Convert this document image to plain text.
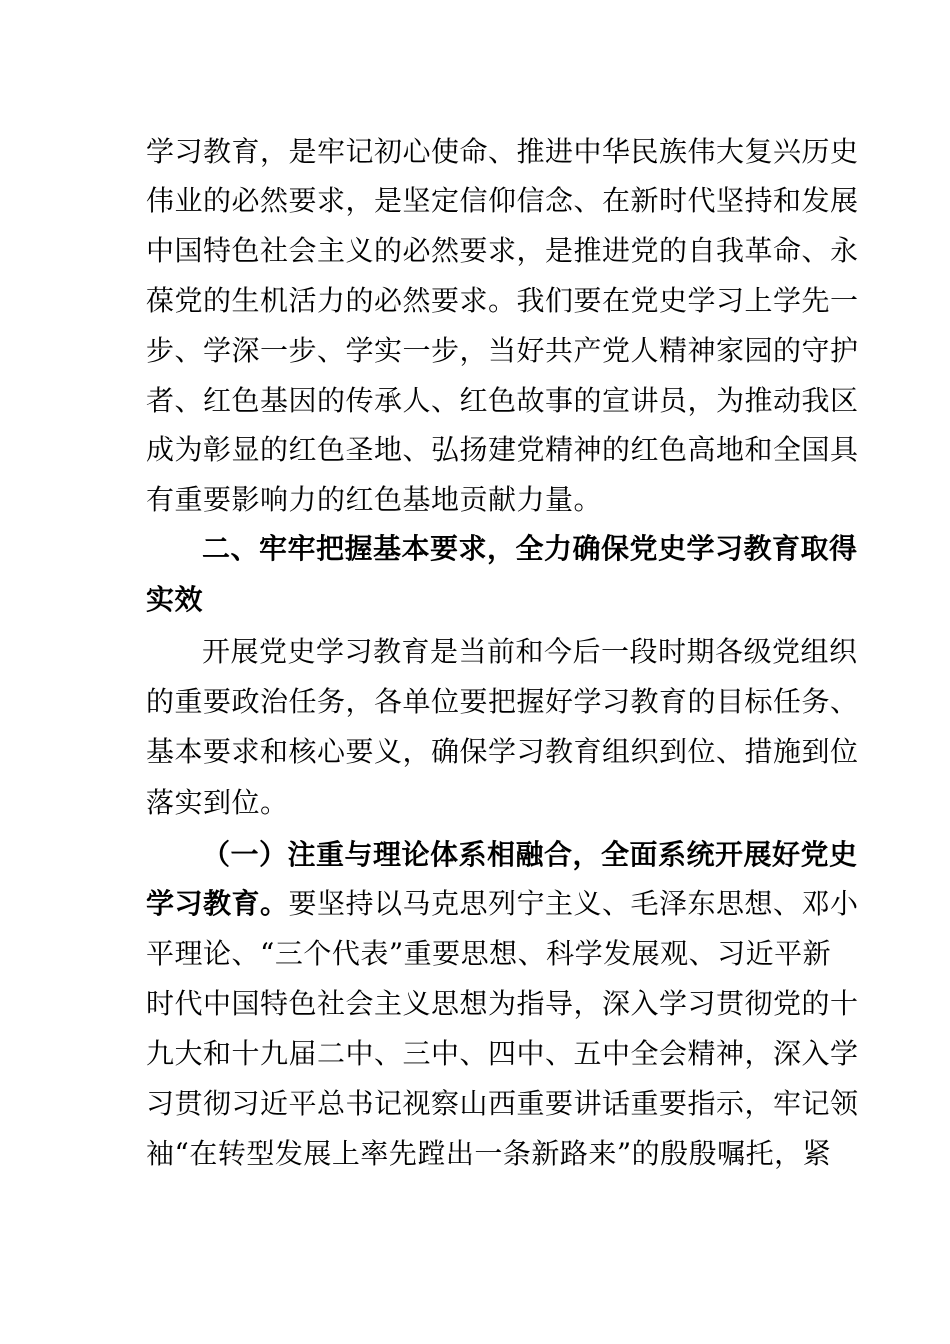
学习教育，是牢记初心使命、推进中华民族伟大复兴历史
伟业的必然要求，是坚定信仰信念、在新时代坚持和发展
中国特色社会主义的必然要求，是推进党的自我革命、永
葆党的生机活力的必然要求。我们要在党史学习上学先一
步、学深一步、学实一步，当好共产党人精神家园的守护
者、红色基因的传承人、红色故事的宣讲员，为推动我区
成为彰显的红色圣地、弘扬建党精神的红色高地和全国具
有重要影响力的红色基地贡献力量。
二、牢牢把握基本要求，全力确保党史学习教育取得
实效
开展党史学习教育是当前和今后一段时期各级党组织
的重要政治任务，各单位要把握好学习教育的目标任务、
基本要求和核心要义，确保学习教育组织到位、措施到位
落实到位。
（一）注重与理论体系相融合，全面系统开展好党史
学习教育。要坚持以马克思列宁主义、毛泽东思想、邓小
平理论、“三个代表”重要思想、科学发展观、习近平新
时代中国特色社会主义思想为指导，深入学习贯彻党的十
九大和十九届二中、三中、四中、五中全会精神，深入学
习贯彻习近平总书记视察山西重要讲话重要指示，牢记领
袖“在转型发展上率先蹚出一条新路来”的殷殷嘱托，紧
